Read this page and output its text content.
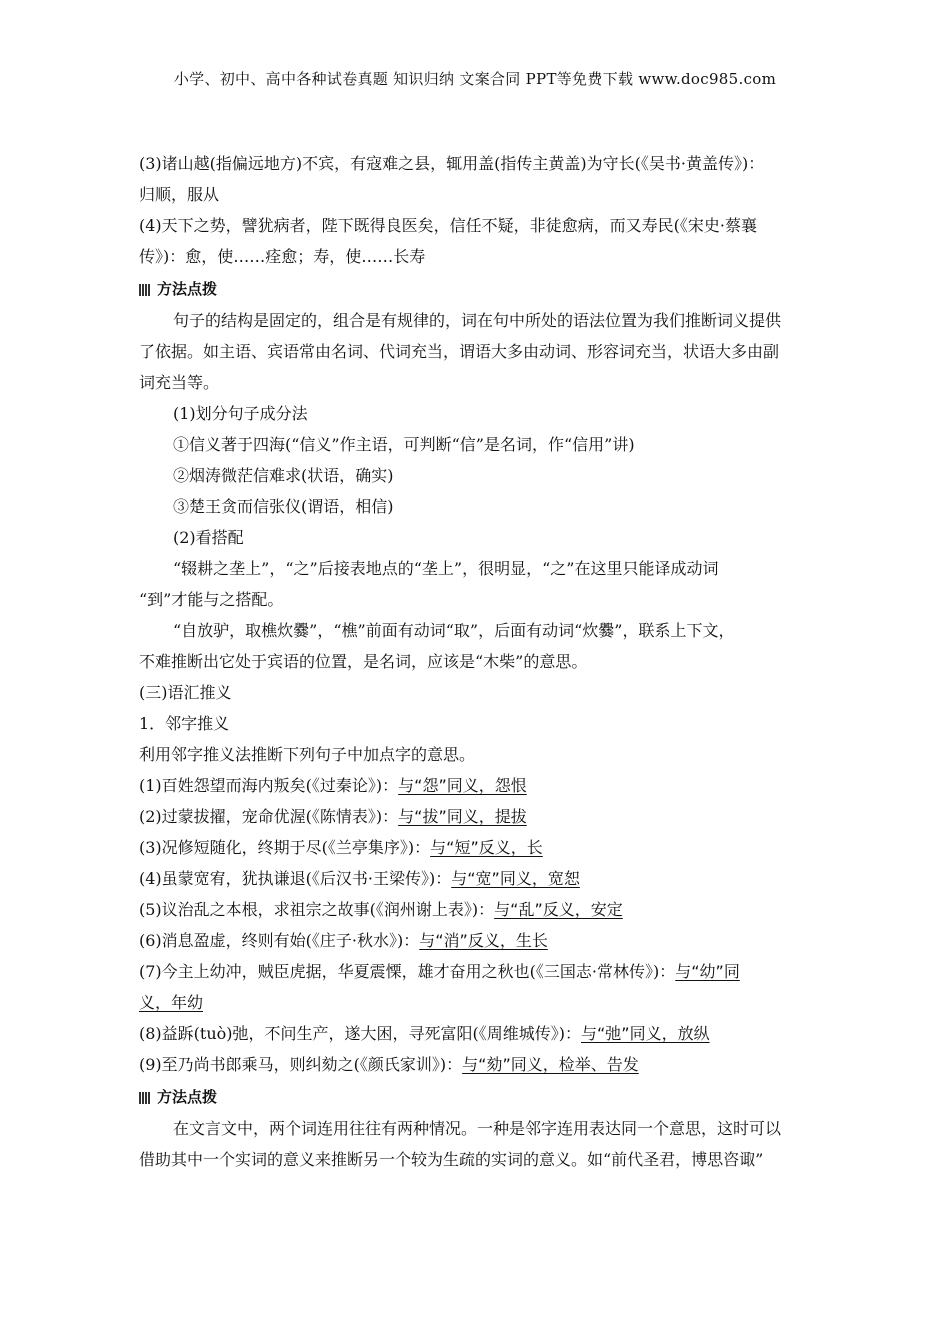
小学、初中、高中各种试卷真题 知识归纳 文案合同 PPT等免费下载 www.doc985.com

(3)诸山越(指偏远地方)不宾，有寇难之县，辄用盖(指传主黄盖)为守长(《吴书·黄盖传》)：

归顺，服从

(4)天下之势，譬犹病者，陛下既得良医矣，信任不疑，非徒愈病，而又寿民(《宋史·蔡襄

传》)：愈，使……痊愈；寿，使……长寿

方法点拨

句子的结构是固定的，组合是有规律的，词在句中所处的语法位置为我们推断词义提供

了依据。如主语、宾语常由名词、代词充当，谓语大多由动词、形容词充当，状语大多由副

词充当等。

(1)划分句子成分法

①信义著于四海(“信义”作主语，可判断“信”是名词，作“信用”讲)

②烟涛微茫信难求(状语，确实)

③楚王贪而信张仪(谓语，相信)

(2)看搭配

“辍耕之垄上”，“之”后接表地点的“垄上”，很明显，“之”在这里只能译成动词

“到”才能与之搭配。

“自放驴，取樵炊爨”，“樵”前面有动词“取”，后面有动词“炊爨”，联系上下文，

不难推断出它处于宾语的位置，是名词，应该是“木柴”的意思。

(三)语汇推义

1．邻字推义

利用邻字推义法推断下列句子中加点字的意思。

(1)百姓怨望而海内叛矣(《过秦论》)：与“怨”同义，怨恨

(2)过蒙拔擢，宠命优渥(《陈情表》)：与“拔”同义，提拔

(3)况修短随化，终期于尽(《兰亭集序》)：与“短”反义，长

(4)虽蒙宽宥，犹执谦退(《后汉书·王梁传》)：与“宽”同义，宽恕

(5)议治乱之本根，求祖宗之故事(《润州谢上表》)：与“乱”反义，安定

(6)消息盈虚，终则有始(《庄子·秋水》)：与“消”反义，生长

(7)今主上幼冲，贼臣虎据，华夏震慄，雄才奋用之秋也(《三国志·常林传》)：与“幼”同

义，年幼

(8)益跅(tuò)弛，不问生产，遂大困，寻死富阳(《周维城传》)：与“弛”同义，放纵

(9)至乃尚书郎乘马，则纠劾之(《颜氏家训》)：与“劾”同义，检举、告发

方法点拨

在文言文中，两个词连用往往有两种情况。一种是邻字连用表达同一个意思，这时可以

借助其中一个实词的意义来推断另一个较为生疏的实词的意义。如“前代圣君，博思咨诹”
